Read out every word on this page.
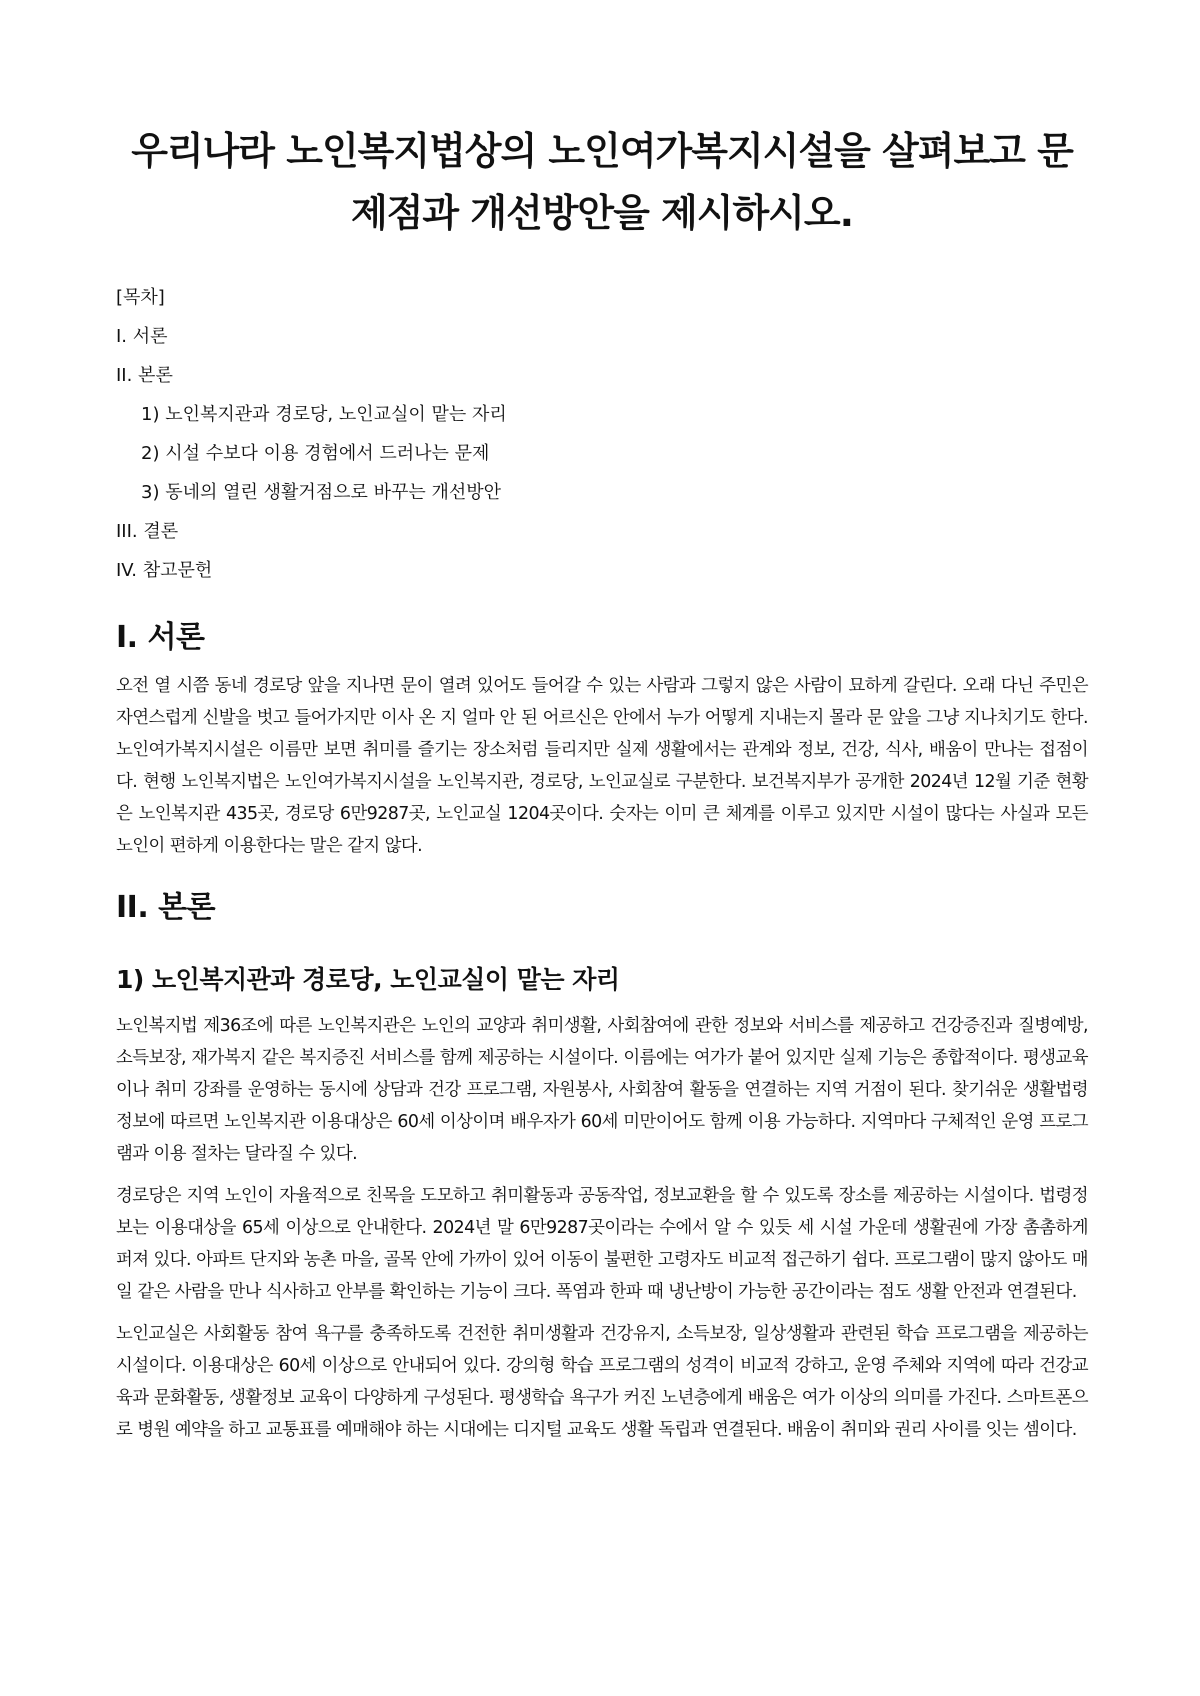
우리나라 노인복지법상의 노인여가복지시설을 살펴보고 문제점과 개선방안을 제시하시오.
[목차]
I. 서론
II. 본론
1) 노인복지관과 경로당, 노인교실이 맡는 자리
2) 시설 수보다 이용 경험에서 드러나는 문제
3) 동네의 열린 생활거점으로 바꾸는 개선방안
III. 결론
IV. 참고문헌
I. 서론

오전 열 시쯤 동네 경로당 앞을 지나면 문이 열려 있어도 들어갈 수 있는 사람과 그렇지 않은 사람이 묘하게 갈린다. 오래 다닌 주민은 자연스럽게 신발을 벗고 들어가지만 이사 온 지 얼마 안 된 어르신은 안에서 누가 어떻게 지내는지 몰라 문 앞을 그냥 지나치기도 한다. 노인여가복지시설은 이름만 보면 취미를 즐기는 장소처럼 들리지만 실제 생활에서는 관계와 정보, 건강, 식사, 배움이 만나는 접점이다. 현행 노인복지법은 노인여가복지시설을 노인복지관, 경로당, 노인교실로 구분한다. 보건복지부가 공개한 2024년 12월 기준 현황은 노인복지관 435곳, 경로당 6만9287곳, 노인교실 1204곳이다. 숫자는 이미 큰 체계를 이루고 있지만 시설이 많다는 사실과 모든 노인이 편하게 이용한다는 말은 같지 않다.

II. 본론
1) 노인복지관과 경로당, 노인교실이 맡는 자리

노인복지법 제36조에 따른 노인복지관은 노인의 교양과 취미생활, 사회참여에 관한 정보와 서비스를 제공하고 건강증진과 질병예방, 소득보장, 재가복지 같은 복지증진 서비스를 함께 제공하는 시설이다. 이름에는 여가가 붙어 있지만 실제 기능은 종합적이다. 평생교육이나 취미 강좌를 운영하는 동시에 상담과 건강 프로그램, 자원봉사, 사회참여 활동을 연결하는 지역 거점이 된다. 찾기쉬운 생활법령정보에 따르면 노인복지관 이용대상은 60세 이상이며 배우자가 60세 미만이어도 함께 이용 가능하다. 지역마다 구체적인 운영 프로그램과 이용 절차는 달라질 수 있다.

경로당은 지역 노인이 자율적으로 친목을 도모하고 취미활동과 공동작업, 정보교환을 할 수 있도록 장소를 제공하는 시설이다. 법령정보는 이용대상을 65세 이상으로 안내한다. 2024년 말 6만9287곳이라는 수에서 알 수 있듯 세 시설 가운데 생활권에 가장 촘촘하게 퍼져 있다. 아파트 단지와 농촌 마을, 골목 안에 가까이 있어 이동이 불편한 고령자도 비교적 접근하기 쉽다. 프로그램이 많지 않아도 매일 같은 사람을 만나 식사하고 안부를 확인하는 기능이 크다. 폭염과 한파 때 냉난방이 가능한 공간이라는 점도 생활 안전과 연결된다.

노인교실은 사회활동 참여 욕구를 충족하도록 건전한 취미생활과 건강유지, 소득보장, 일상생활과 관련된 학습 프로그램을 제공하는 시설이다. 이용대상은 60세 이상으로 안내되어 있다. 강의형 학습 프로그램의 성격이 비교적 강하고, 운영 주체와 지역에 따라 건강교육과 문화활동, 생활정보 교육이 다양하게 구성된다. 평생학습 욕구가 커진 노년층에게 배움은 여가 이상의 의미를 가진다. 스마트폰으로 병원 예약을 하고 교통표를 예매해야 하는 시대에는 디지털 교육도 생활 독립과 연결된다. 배움이 취미와 권리 사이를 잇는 셈이다.
